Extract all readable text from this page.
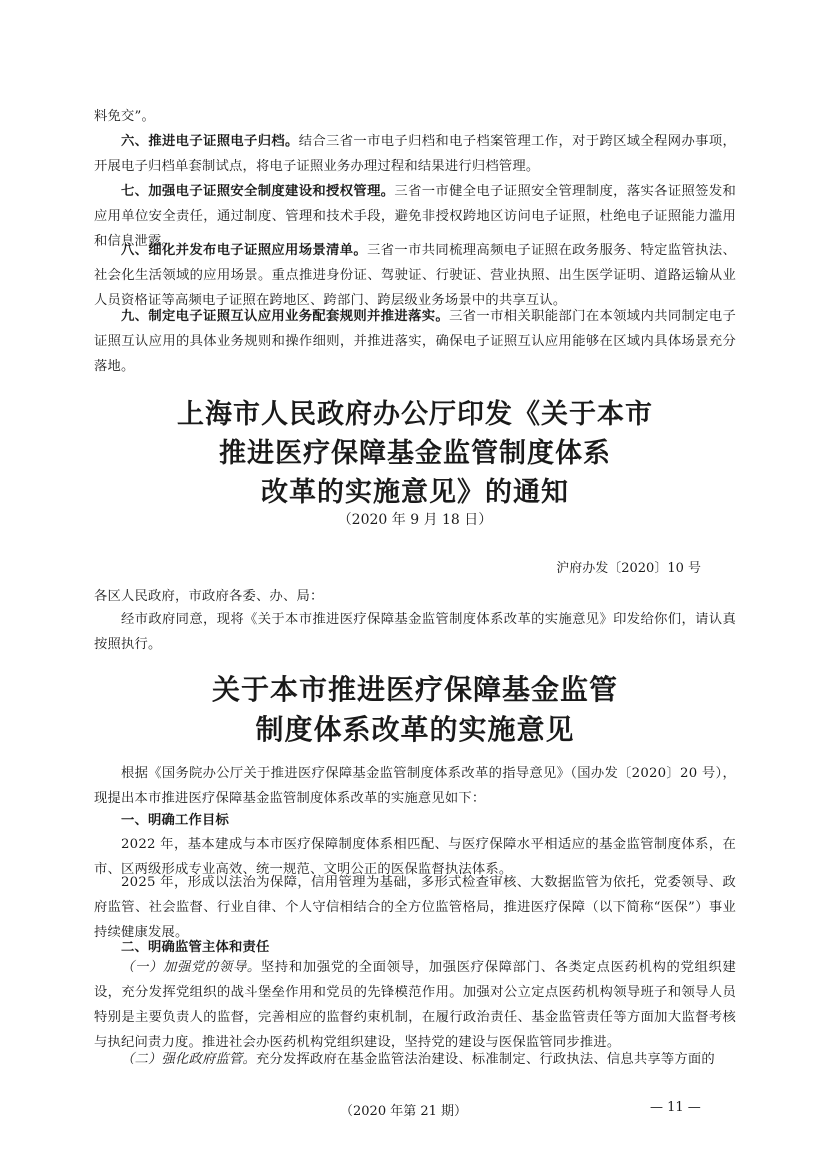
料免交”。

六、推进电子证照电子归档。结合三省一市电子归档和电子档案管理工作，对于跨区域全程网办事项，开展电子归档单套制试点，将电子证照业务办理过程和结果进行归档管理。

七、加强电子证照安全制度建设和授权管理。三省一市健全电子证照安全管理制度，落实各证照签发和应用单位安全责任，通过制度、管理和技术手段，避免非授权跨地区访问电子证照，杜绝电子证照能力滥用和信息泄露。

八、细化并发布电子证照应用场景清单。三省一市共同梳理高频电子证照在政务服务、特定监管执法、社会化生活领域的应用场景。重点推进身份证、驾驶证、行驶证、营业执照、出生医学证明、道路运输从业人员资格证等高频电子证照在跨地区、跨部门、跨层级业务场景中的共享互认。

九、制定电子证照互认应用业务配套规则并推进落实。三省一市相关职能部门在本领域内共同制定电子证照互认应用的具体业务规则和操作细则，并推进落实，确保电子证照互认应用能够在区域内具体场景充分落地。

上海市人民政府办公厅印发《关于本市
推进医疗保障基金监管制度体系
改革的实施意见》的通知

（2020 年 9 月 18 日）

沪府办发〔2020〕10 号

各区人民政府，市政府各委、办、局：

经市政府同意，现将《关于本市推进医疗保障基金监管制度体系改革的实施意见》印发给你们，请认真按照执行。

关于本市推进医疗保障基金监管
制度体系改革的实施意见

根据《国务院办公厅关于推进医疗保障基金监管制度体系改革的指导意见》（国办发〔2020〕20 号），现提出本市推进医疗保障基金监管制度体系改革的实施意见如下：

一、明确工作目标

2022 年，基本建成与本市医疗保障制度体系相匹配、与医疗保障水平相适应的基金监管制度体系，在市、区两级形成专业高效、统一规范、文明公正的医保监督执法体系。

2025 年，形成以法治为保障，信用管理为基础，多形式检查审核、大数据监管为依托，党委领导、政府监管、社会监督、行业自律、个人守信相结合的全方位监管格局，推进医疗保障（以下简称“医保”）事业持续健康发展。

二、明确监管主体和责任

（一）加强党的领导。坚持和加强党的全面领导，加强医疗保障部门、各类定点医药机构的党组织建设，充分发挥党组织的战斗堡垒作用和党员的先锋模范作用。加强对公立定点医药机构领导班子和领导人员特别是主要负责人的监督，完善相应的监督约束机制，在履行政治责任、基金监管责任等方面加大监督考核与执纪问责力度。推进社会办医药机构党组织建设，坚持党的建设与医保监管同步推进。

（二）强化政府监管。充分发挥政府在基金监管法治建设、标准制定、行政执法、信息共享等方面的

（2020 年第 21 期）	— 11 —
